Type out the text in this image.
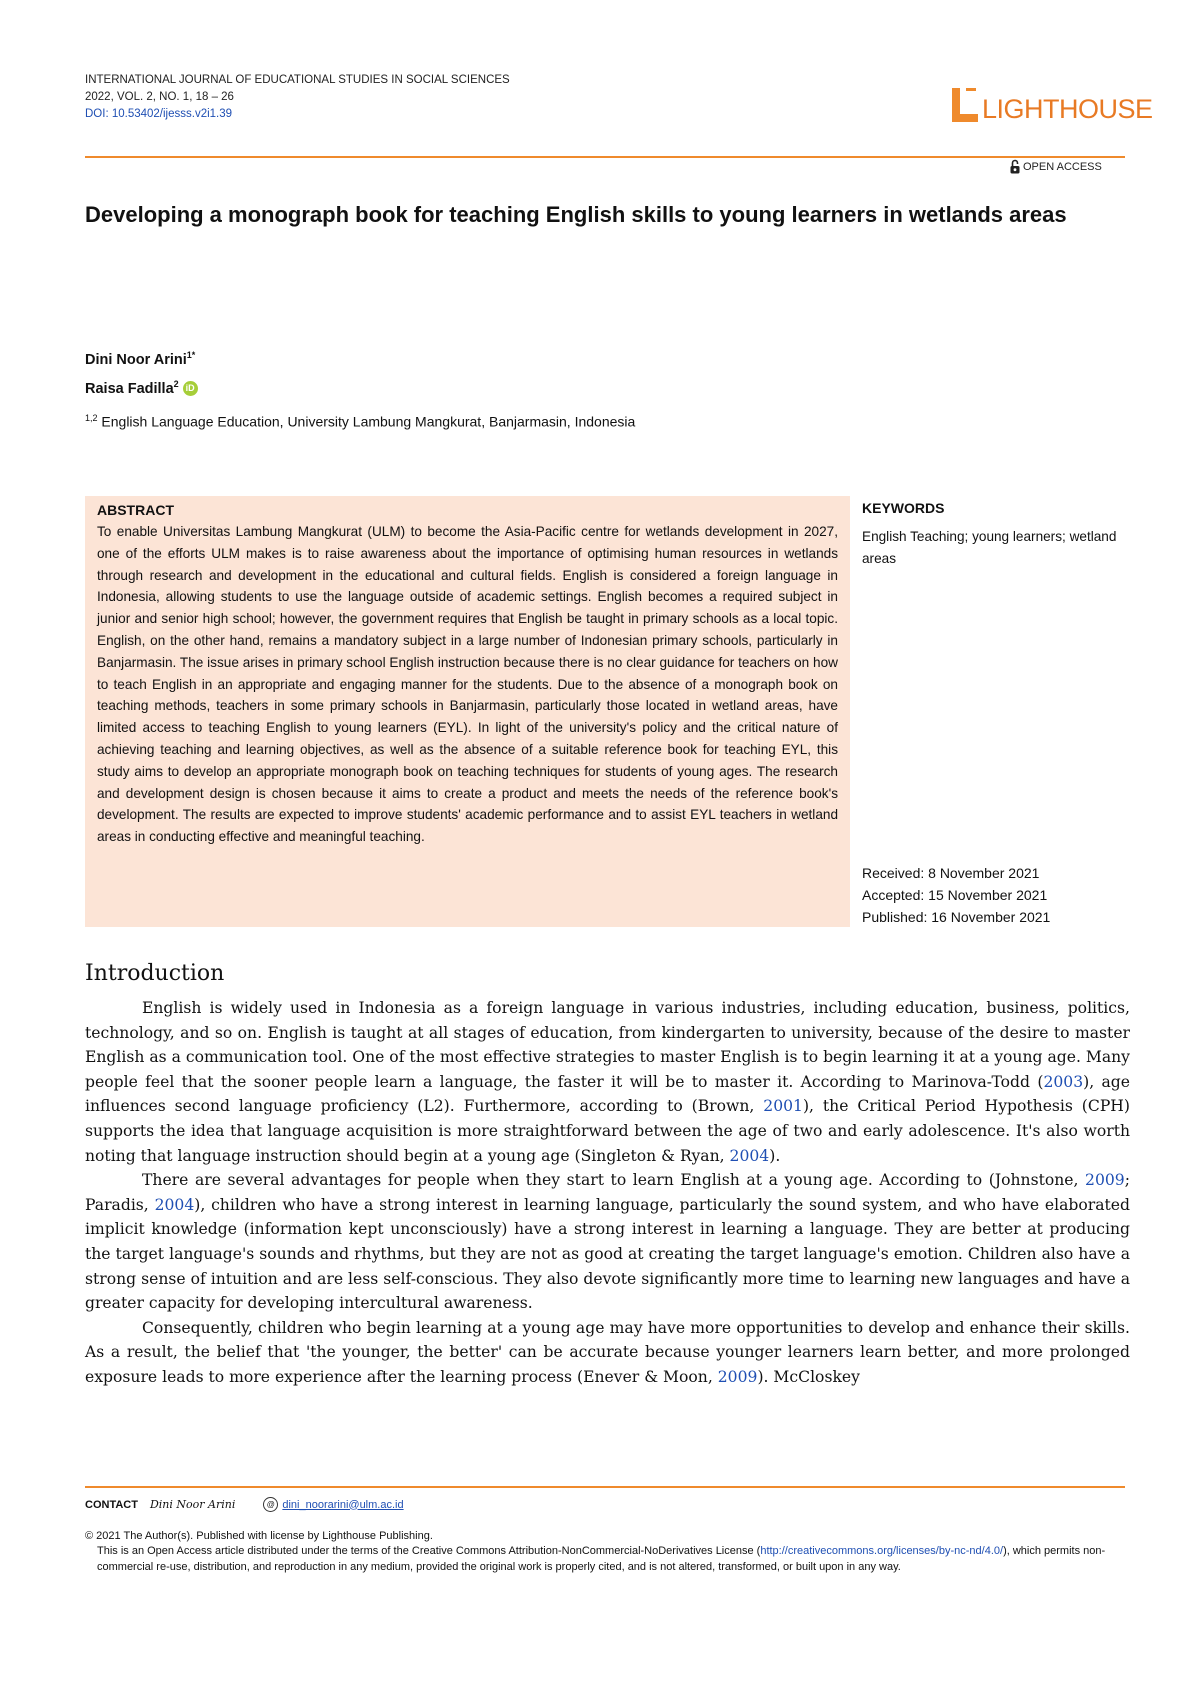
INTERNATIONAL JOURNAL OF EDUCATIONAL STUDIES IN SOCIAL SCIENCES
2022, VOL. 2, NO. 1, 18 – 26
DOI: 10.53402/ijesss.v2i1.39	LIGHTHOUSE
OPEN ACCESS
Developing a monograph book for teaching English skills to young learners in wetlands areas
Dini Noor Arini$^{1*}$
Raisa Fadilla$^2$ iD
$^{1,2}$ English Language Education, University Lambung Mangkurat, Banjarmasin, Indonesia
ABSTRACT

To enable Universitas Lambung Mangkurat (ULM) to become the Asia-Pacific centre for wetlands development in 2027, one of the efforts ULM makes is to raise awareness about the importance of optimising human resources in wetlands through research and development in the educational and cultural fields. English is considered a foreign language in Indonesia, allowing students to use the language outside of academic settings. English becomes a required subject in junior and senior high school; however, the government requires that English be taught in primary schools as a local topic. English, on the other hand, remains a mandatory subject in a large number of Indonesian primary schools, particularly in Banjarmasin. The issue arises in primary school English instruction because there is no clear guidance for teachers on how to teach English in an appropriate and engaging manner for the students. Due to the absence of a monograph book on teaching methods, teachers in some primary schools in Banjarmasin, particularly those located in wetland areas, have limited access to teaching English to young learners (EYL). In light of the university's policy and the critical nature of achieving teaching and learning objectives, as well as the absence of a suitable reference book for teaching EYL, this study aims to develop an appropriate monograph book on teaching techniques for students of young ages. The research and development design is chosen because it aims to create a product and meets the needs of the reference book's development. The results are expected to improve students' academic performance and to assist EYL teachers in wetland areas in conducting effective and meaningful teaching.

KEYWORDS
English Teaching; young learners; wetland areas
Received: 8 November 2021
Accepted: 15 November 2021
Published: 16 November 2021
Introduction

English is widely used in Indonesia as a foreign language in various industries, including education, business, politics, technology, and so on. English is taught at all stages of education, from kindergarten to university, because of the desire to master English as a communication tool. One of the most effective strategies to master English is to begin learning it at a young age. Many people feel that the sooner people learn a language, the faster it will be to master it. According to Marinova-Todd (2003), age influences second language proficiency (L2). Furthermore, according to (Brown, 2001), the Critical Period Hypothesis (CPH) supports the idea that language acquisition is more straightforward between the age of two and early adolescence. It's also worth noting that language instruction should begin at a young age (Singleton & Ryan, 2004).

There are several advantages for people when they start to learn English at a young age. According to (Johnstone, 2009; Paradis, 2004), children who have a strong interest in learning language, particularly the sound system, and who have elaborated implicit knowledge (information kept unconsciously) have a strong interest in learning a language. They are better at producing the target language's sounds and rhythms, but they are not as good at creating the target language's emotion. Children also have a strong sense of intuition and are less self-conscious. They also devote significantly more time to learning new languages and have a greater capacity for developing intercultural awareness.

Consequently, children who begin learning at a young age may have more opportunities to develop and enhance their skills. As a result, the belief that 'the younger, the better' can be accurate because younger learners learn better, and more prolonged exposure leads to more experience after the learning process (Enever & Moon, 2009). McCloskey

CONTACT Dini Noor Arini	@ dini_noorarini@ulm.ac.id
© 2021 The Author(s). Published with license by Lighthouse Publishing.
This is an Open Access article distributed under the terms of the Creative Commons Attribution-NonCommercial-NoDerivatives License (http://creativecommons.org/licenses/by-nc-nd/4.0/), which permits non-commercial re-use, distribution, and reproduction in any medium, provided the original work is properly cited, and is not altered, transformed, or built upon in any way.
